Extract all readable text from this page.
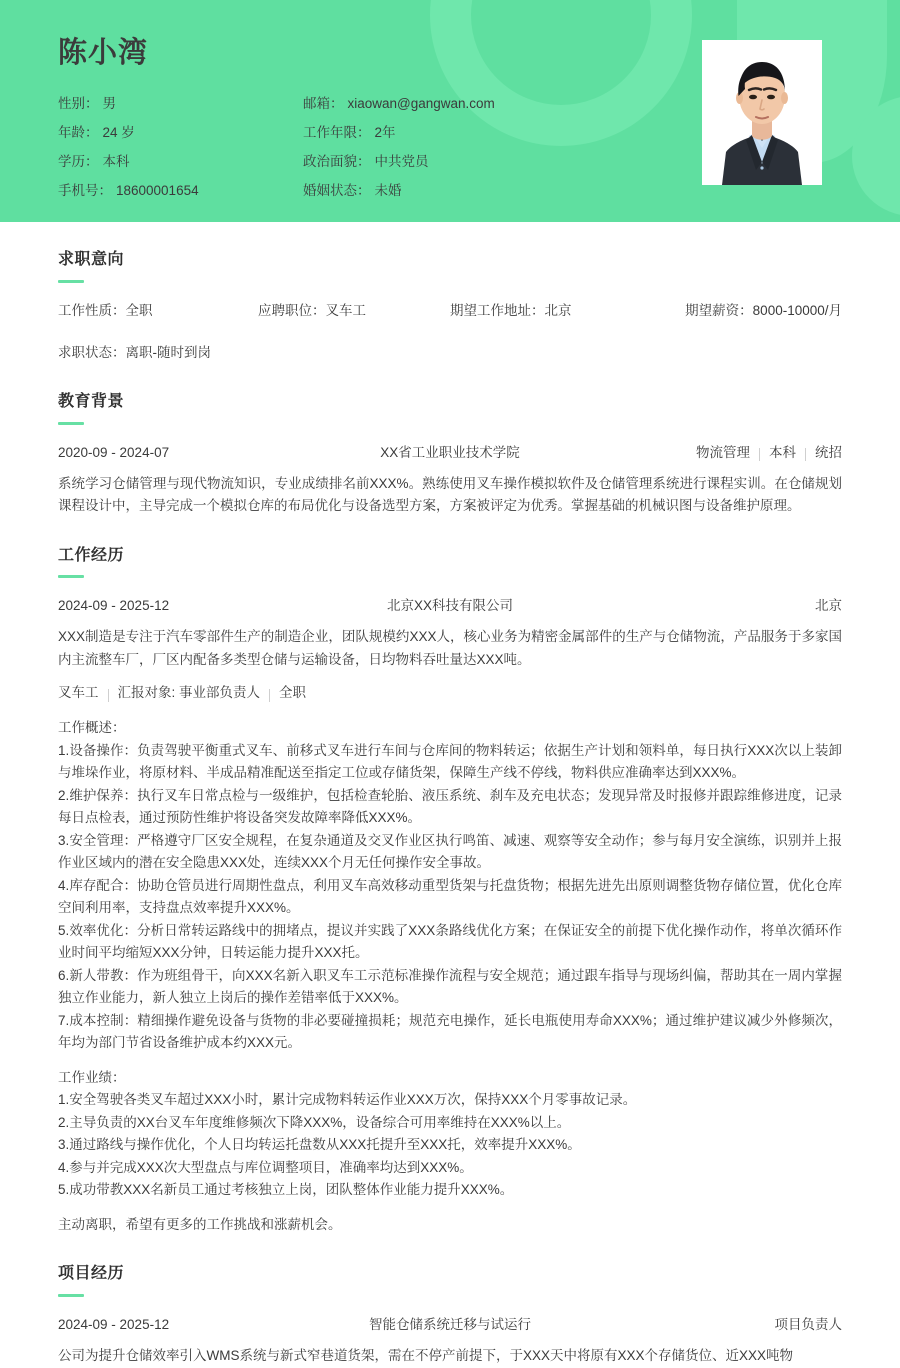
陈小湾
性别： 男	邮箱： xiaowan@gangwan.com
年龄： 24 岁	工作年限： 2年
学历： 本科	政治面貌： 中共党员
手机号： 18600001654	婚姻状态： 未婚
求职意向
工作性质：全职	应聘职位：叉车工	期望工作地址：北京	期望薪资：8000-10000/月
求职状态：离职-随时到岗
教育背景
2020-09 - 2024-07	XX省工业职业技术学院	物流管理 本科 统招

系统学习仓储管理与现代物流知识，专业成绩排名前XXX%。熟练使用叉车操作模拟软件及仓储管理系统进行课程实训。在仓储规划课程设计中，主导完成一个模拟仓库的布局优化与设备选型方案，方案被评定为优秀。掌握基础的机械识图与设备维护原理。

工作经历
2024-09 - 2025-12	北京XX科技有限公司	北京

XXX制造是专注于汽车零部件生产的制造企业，团队规模约XXX人，核心业务为精密金属部件的生产与仓储物流，产品服务于多家国内主流整车厂，厂区内配备多类型仓储与运输设备，日均物料吞吐量达XXX吨。

叉车工 汇报对象: 事业部负责人 全职

工作概述：

1.设备操作：负责驾驶平衡重式叉车、前移式叉车进行车间与仓库间的物料转运；依据生产计划和领料单，每日执行XXX次以上装卸与堆垛作业，将原材料、半成品精准配送至指定工位或存储货架，保障生产线不停线，物料供应准确率达到XXX%。

2.维护保养：执行叉车日常点检与一级维护，包括检查轮胎、液压系统、刹车及充电状态；发现异常及时报修并跟踪维修进度，记录每日点检表，通过预防性维护将设备突发故障率降低XXX%。

3.安全管理：严格遵守厂区安全规程，在复杂通道及交叉作业区执行鸣笛、减速、观察等安全动作；参与每月安全演练，识别并上报作业区域内的潜在安全隐患XXX处，连续XXX个月无任何操作安全事故。

4.库存配合：协助仓管员进行周期性盘点，利用叉车高效移动重型货架与托盘货物；根据先进先出原则调整货物存储位置，优化仓库空间利用率，支持盘点效率提升XXX%。

5.效率优化：分析日常转运路线中的拥堵点，提议并实践了XXX条路线优化方案；在保证安全的前提下优化操作动作，将单次循环作业时间平均缩短XXX分钟，日转运能力提升XXX托。

6.新人带教：作为班组骨干，向XXX名新入职叉车工示范标准操作流程与安全规范；通过跟车指导与现场纠偏，帮助其在一周内掌握独立作业能力，新人独立上岗后的操作差错率低于XXX%。

7.成本控制：精细操作避免设备与货物的非必要碰撞损耗；规范充电操作，延长电瓶使用寿命XXX%；通过维护建议减少外修频次，年均为部门节省设备维护成本约XXX元。

工作业绩：

1.安全驾驶各类叉车超过XXX小时，累计完成物料转运作业XXX万次，保持XXX个月零事故记录。

2.主导负责的XX台叉车年度维修频次下降XXX%，设备综合可用率维持在XXX%以上。

3.通过路线与操作优化，个人日均转运托盘数从XXX托提升至XXX托，效率提升XXX%。

4.参与并完成XXX次大型盘点与库位调整项目，准确率均达到XXX%。

5.成功带教XXX名新员工通过考核独立上岗，团队整体作业能力提升XXX%。

主动离职，希望有更多的工作挑战和涨薪机会。

项目经历
2024-09 - 2025-12	智能仓储系统迁移与试运行	项目负责人

公司为提升仓储效率引入WMS系统与新式窄巷道货架，需在不停产前提下，于XXX天中将原有XXX个存储货位、近XXX吨物
